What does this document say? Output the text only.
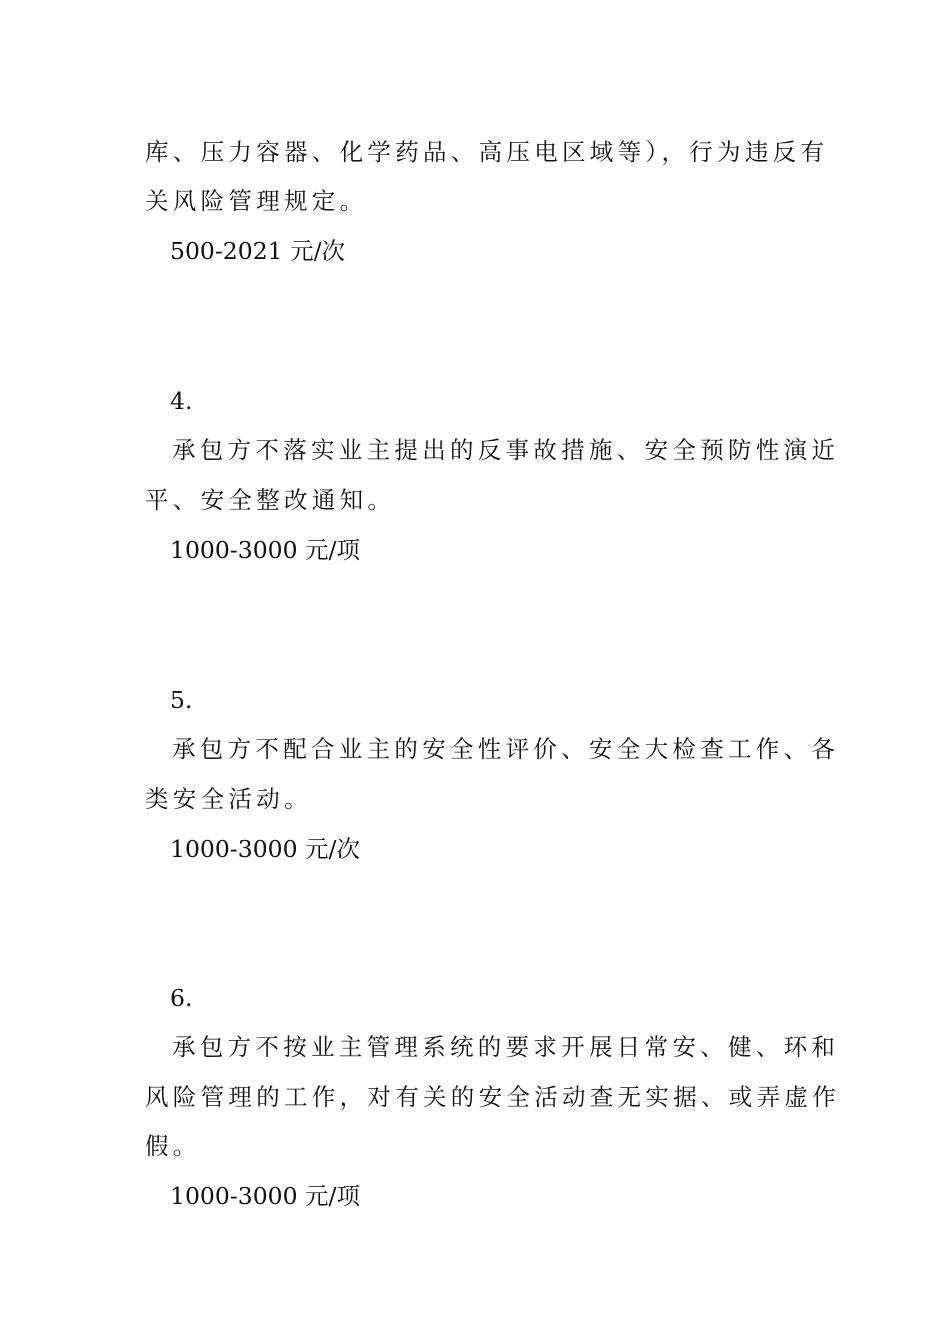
库、压力容器、化学药品、高压电区域等），行为违反有
关风险管理规定。
500-2021 元/次
4.
承包方不落实业主提出的反事故措施、安全预防性演近
平、安全整改通知。
1000-3000 元/项
5.
承包方不配合业主的安全性评价、安全大检查工作、各
类安全活动。
1000-3000 元/次
6.
承包方不按业主管理系统的要求开展日常安、健、环和
风险管理的工作，对有关的安全活动查无实据、或弄虚作
假。
1000-3000 元/项
